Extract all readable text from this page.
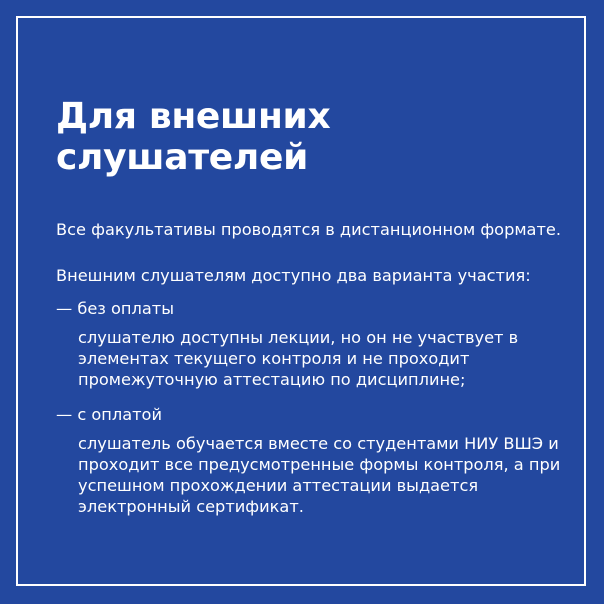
Для внешних слушателей

Все факультативы проводятся в дистанционном формате.

Внешним слушателям доступно два варианта участия:

— без оплаты

слушателю доступны лекции, но он не участвует в элементах текущего контроля и не проходит промежуточную аттестацию по дисциплине;

— с оплатой

слушатель обучается вместе со студентами НИУ ВШЭ и проходит все предусмотренные формы контроля, а при успешном прохождении аттестации выдается электронный сертификат.
